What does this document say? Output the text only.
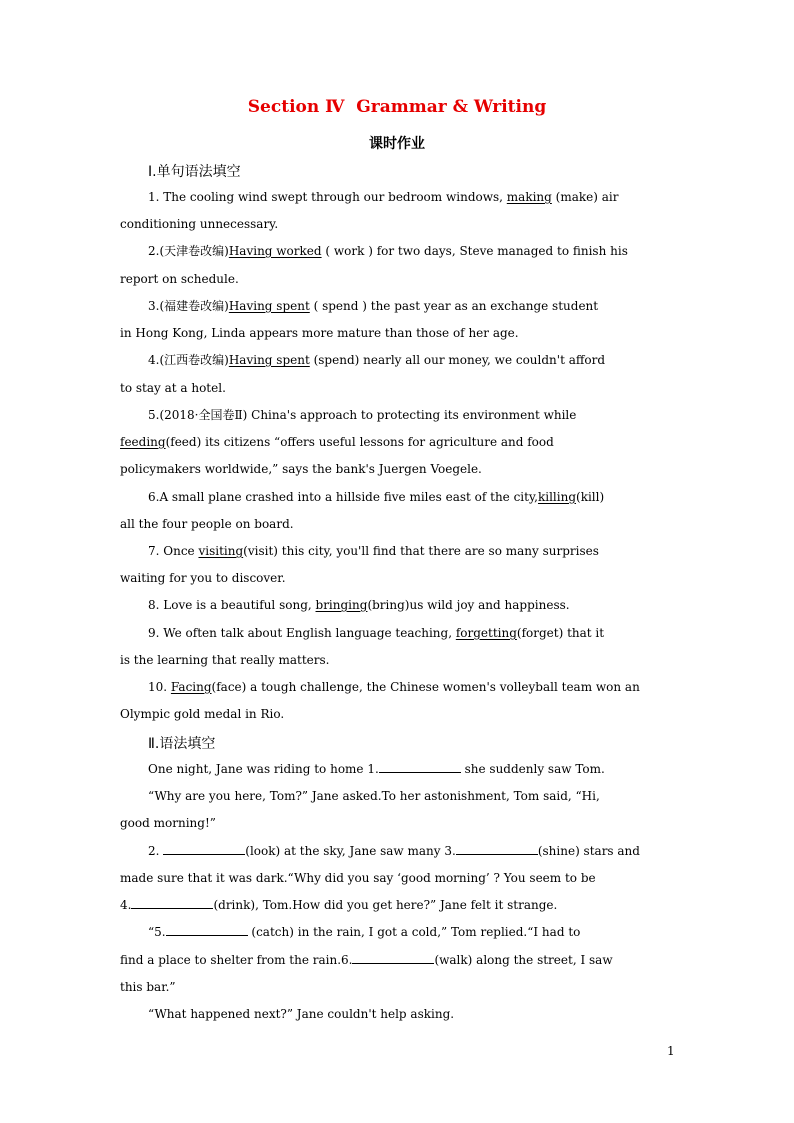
Section Ⅳ  Grammar & Writing
课时作业
Ⅰ.单句语法填空
1. The cooling wind swept through our bedroom windows, making (make) air
conditioning unnecessary.
2.(天津卷改编)Having worked ( work ) for two days, Steve managed to finish his
report on schedule.
3.(福建卷改编)Having spent ( spend ) the past year as an exchange student
in Hong Kong, Linda appears more mature than those of her age.
4.(江西卷改编)Having spent (spend) nearly all our money, we couldn't afford
to stay at a hotel.
5.(2018·全国卷Ⅱ) China's approach to protecting its environment while
feeding(feed) its citizens “offers useful lessons for agriculture and food
policymakers worldwide,” says the bank's Juergen Voegele.
6.A small plane crashed into a hillside five miles east of the city,killing(kill)
all the four people on board.
7. Once visiting(visit) this city, you'll find that there are so many surprises
waiting for you to discover.
8. Love is a beautiful song, bringing(bring)us wild joy and happiness.
9. We often talk about English language teaching, forgetting(forget) that it
is the learning that really matters.
10. Facing(face) a tough challenge, the Chinese women's volleyball team won an
Olympic gold medal in Rio.
Ⅱ.语法填空
One night, Jane was riding to home 1.	she suddenly saw Tom.
“Why are you here, Tom?” Jane asked.To her astonishment, Tom said, “Hi,
good morning!”
2.	(look) at the sky, Jane saw many 3.	(shine) stars and
made sure that it was dark.“Why did you say ‘good morning’ ? You seem to be
4.	(drink), Tom.How did you get here?” Jane felt it strange.
“5.	(catch) in the rain, I got a cold,” Tom replied.“I had to
find a place to shelter from the rain.6.	(walk) along the street, I saw
this bar.”
“What happened next?” Jane couldn't help asking.
1
